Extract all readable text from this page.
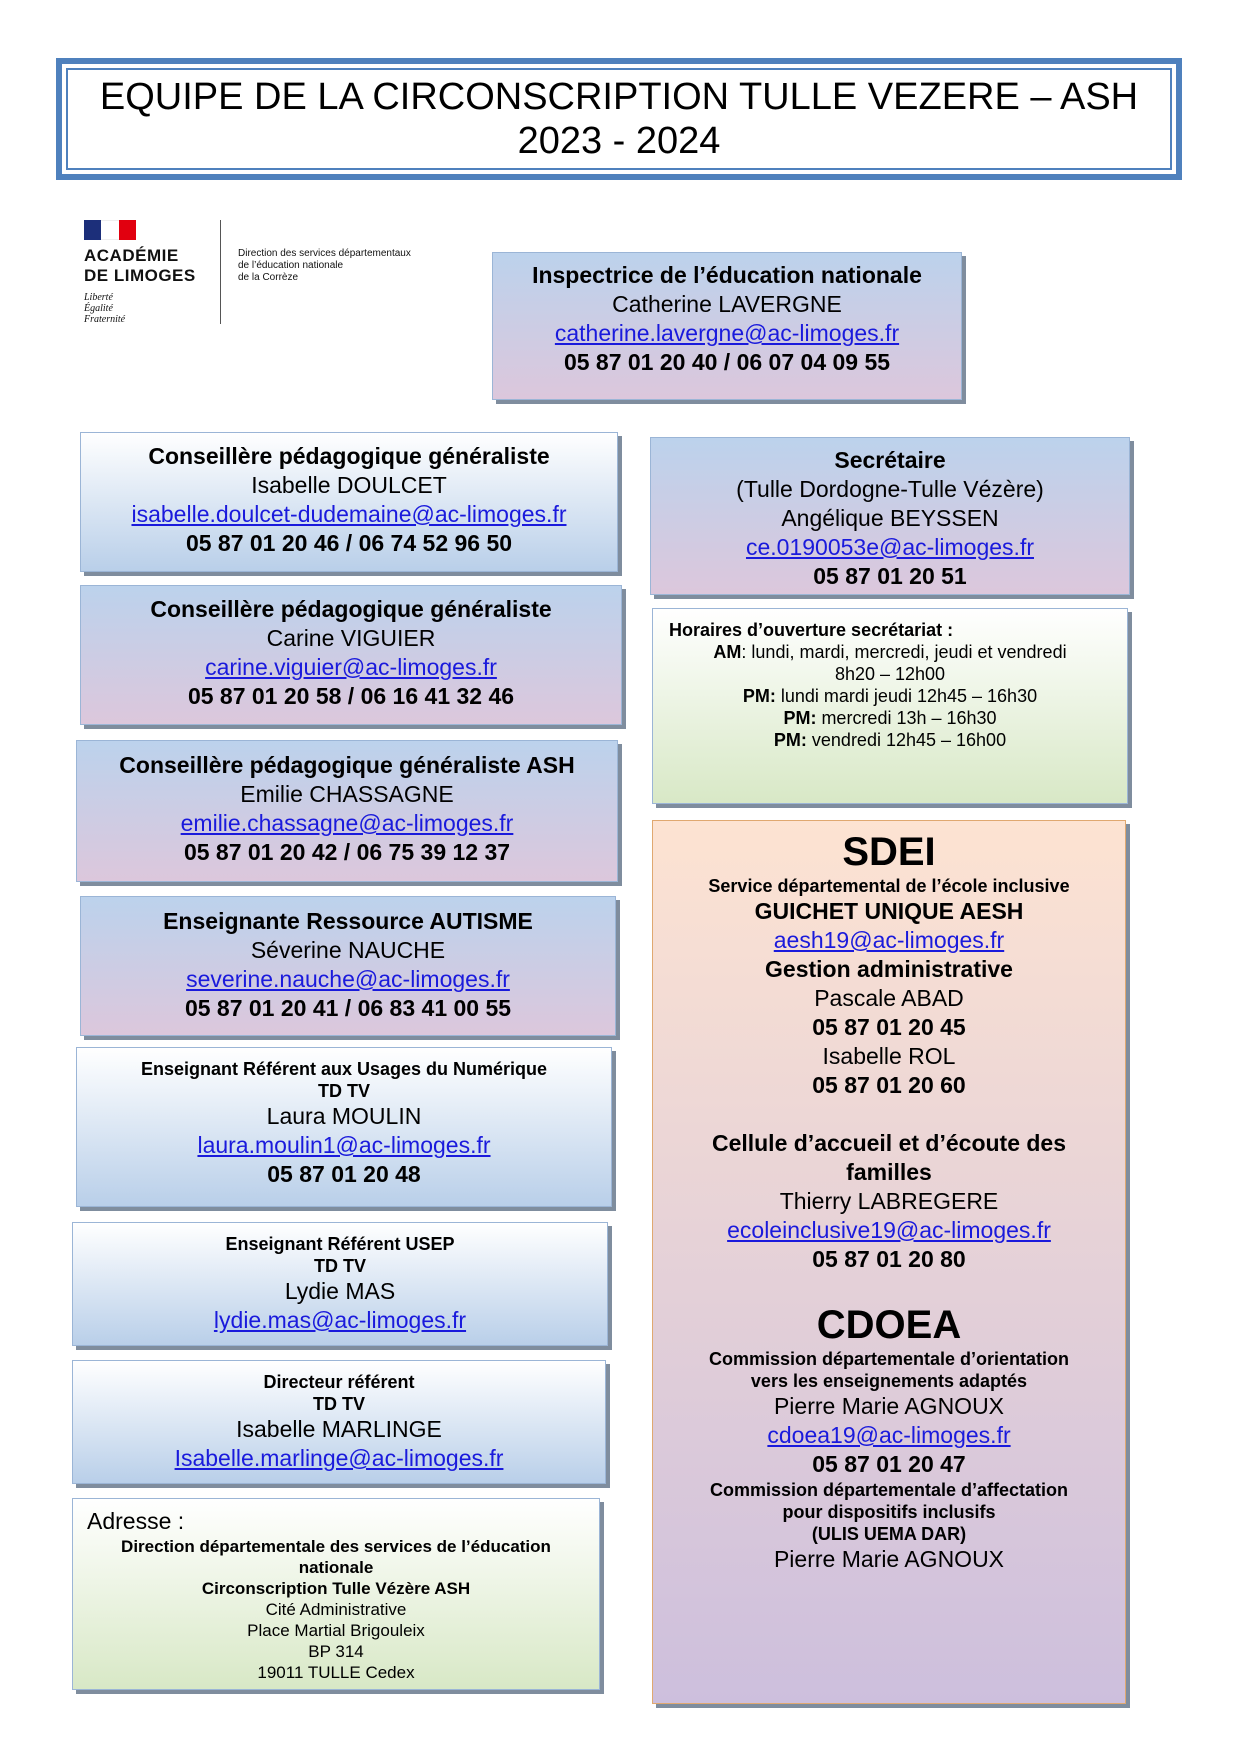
EQUIPE DE LA CIRCONSCRIPTION TULLE VEZERE – ASH
2023 - 2024
ACADÉMIE
DE LIMOGES
Liberté
Égalité
Fraternité
Direction des services départementaux
de l’éducation nationale
de la Corrèze	Inspectrice de l’éducation nationale
Catherine LAVERGNE
catherine.lavergne@ac-limoges.fr
05 87 01 20 40 / 06 07 04 09 55
Conseillère pédagogique généraliste
Isabelle DOULCET
isabelle.doulcet-dudemaine@ac-limoges.fr
05 87 01 20 46 / 06 74 52 96 50
Conseillère pédagogique généraliste
Carine VIGUIER
carine.viguier@ac-limoges.fr
05 87 01 20 58 / 06 16 41 32 46
Conseillère pédagogique généraliste ASH
Emilie CHASSAGNE
emilie.chassagne@ac-limoges.fr
05 87 01 20 42 / 06 75 39 12 37
Enseignante Ressource AUTISME
Séverine NAUCHE
severine.nauche@ac-limoges.fr
05 87 01 20 41 / 06 83 41 00 55
Enseignant Référent aux Usages du Numérique
TD TV
Laura MOULIN
laura.moulin1@ac-limoges.fr
05 87 01 20 48
Enseignant Référent USEP
TD TV
Lydie MAS
lydie.mas@ac-limoges.fr
Directeur référent
TD TV
Isabelle MARLINGE
Isabelle.marlinge@ac-limoges.fr
Adresse :
Direction départementale des services de l’éducation
nationale
Circonscription Tulle Vézère ASH
Cité Administrative
Place Martial Brigouleix
BP 314
19011 TULLE Cedex
Secrétaire
(Tulle Dordogne-Tulle Vézère)
Angélique BEYSSEN
ce.0190053e@ac-limoges.fr
05 87 01 20 51
Horaires d’ouverture secrétariat :
AM: lundi, mardi, mercredi, jeudi et vendredi
8h20 – 12h00
PM: lundi mardi jeudi 12h45 – 16h30
PM: mercredi 13h – 16h30
PM: vendredi 12h45 – 16h00
SDEI
Service départemental de l’école inclusive
GUICHET UNIQUE AESH
aesh19@ac-limoges.fr
Gestion administrative
Pascale ABAD
05 87 01 20 45
Isabelle ROL
05 87 01 20 60
Cellule d’accueil et d’écoute des
familles
Thierry LABREGERE
ecoleinclusive19@ac-limoges.fr
05 87 01 20 80
CDOEA
Commission départementale d’orientation
vers les enseignements adaptés
Pierre Marie AGNOUX
cdoea19@ac-limoges.fr
05 87 01 20 47
Commission départementale d’affectation
pour dispositifs inclusifs
(ULIS UEMA DAR)
Pierre Marie AGNOUX
